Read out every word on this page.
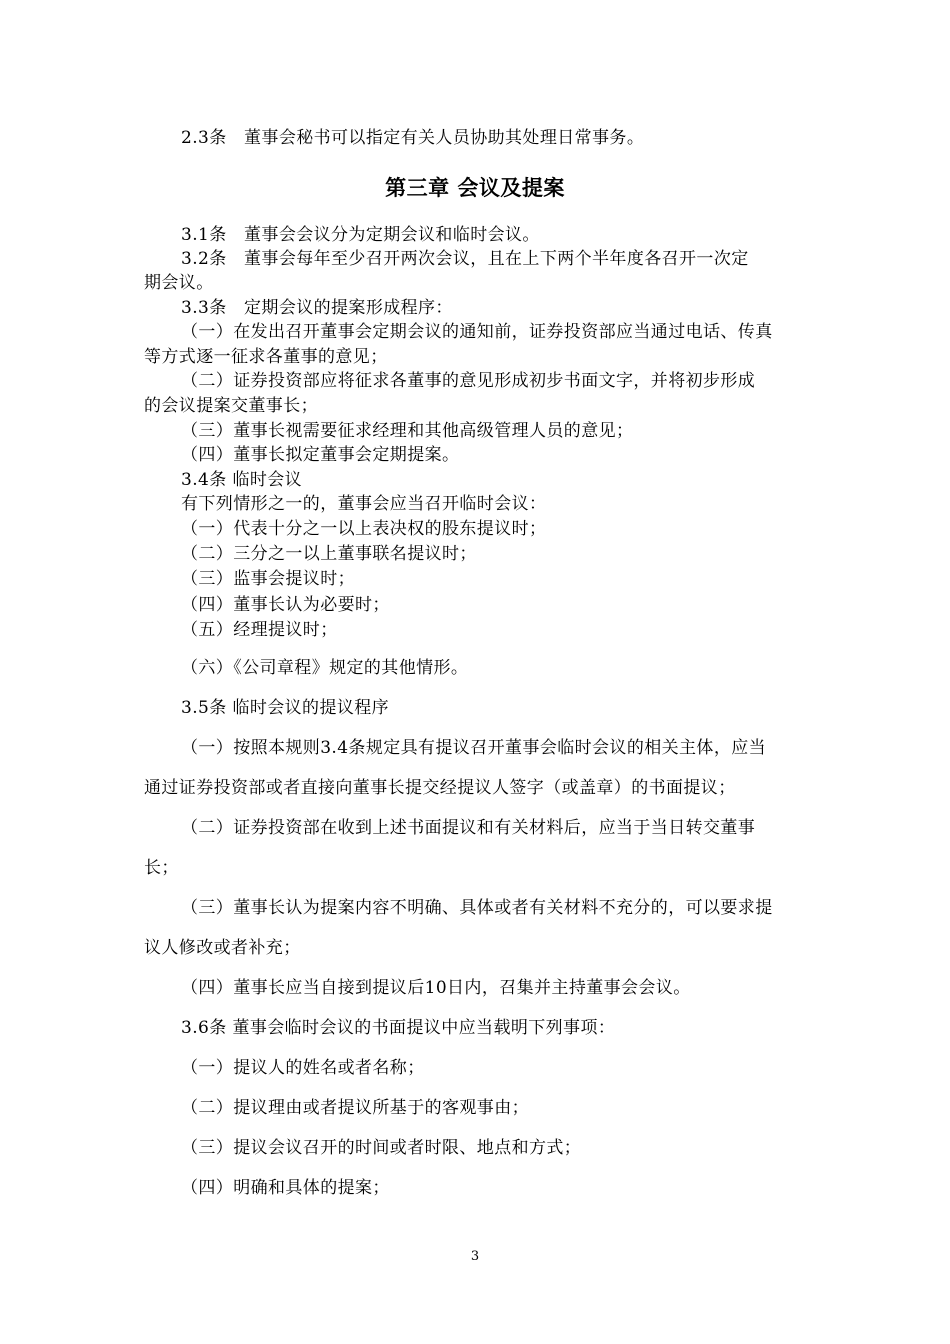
2.3条　董事会秘书可以指定有关人员协助其处理日常事务。
第三章 会议及提案
3.1条　董事会会议分为定期会议和临时会议。
3.2条　董事会每年至少召开两次会议，且在上下两个半年度各召开一次定
期会议。
3.3条　定期会议的提案形成程序：
（一）在发出召开董事会定期会议的通知前，证券投资部应当通过电话、传真
等方式逐一征求各董事的意见；
（二）证券投资部应将征求各董事的意见形成初步书面文字，并将初步形成
的会议提案交董事长；
（三）董事长视需要征求经理和其他高级管理人员的意见；
（四）董事长拟定董事会定期提案。
3.4条 临时会议
有下列情形之一的，董事会应当召开临时会议：
（一）代表十分之一以上表决权的股东提议时；
（二）三分之一以上董事联名提议时；
（三）监事会提议时；
（四）董事长认为必要时；
（五）经理提议时；
（六）《公司章程》规定的其他情形。
3.5条 临时会议的提议程序
（一）按照本规则3.4条规定具有提议召开董事会临时会议的相关主体，应当
通过证券投资部或者直接向董事长提交经提议人签字（或盖章）的书面提议；
（二）证券投资部在收到上述书面提议和有关材料后，应当于当日转交董事
长；
（三）董事长认为提案内容不明确、具体或者有关材料不充分的，可以要求提
议人修改或者补充；
（四）董事长应当自接到提议后10日内，召集并主持董事会会议。
3.6条 董事会临时会议的书面提议中应当载明下列事项：
（一）提议人的姓名或者名称；
（二）提议理由或者提议所基于的客观事由；
（三）提议会议召开的时间或者时限、地点和方式；
（四）明确和具体的提案；
3
